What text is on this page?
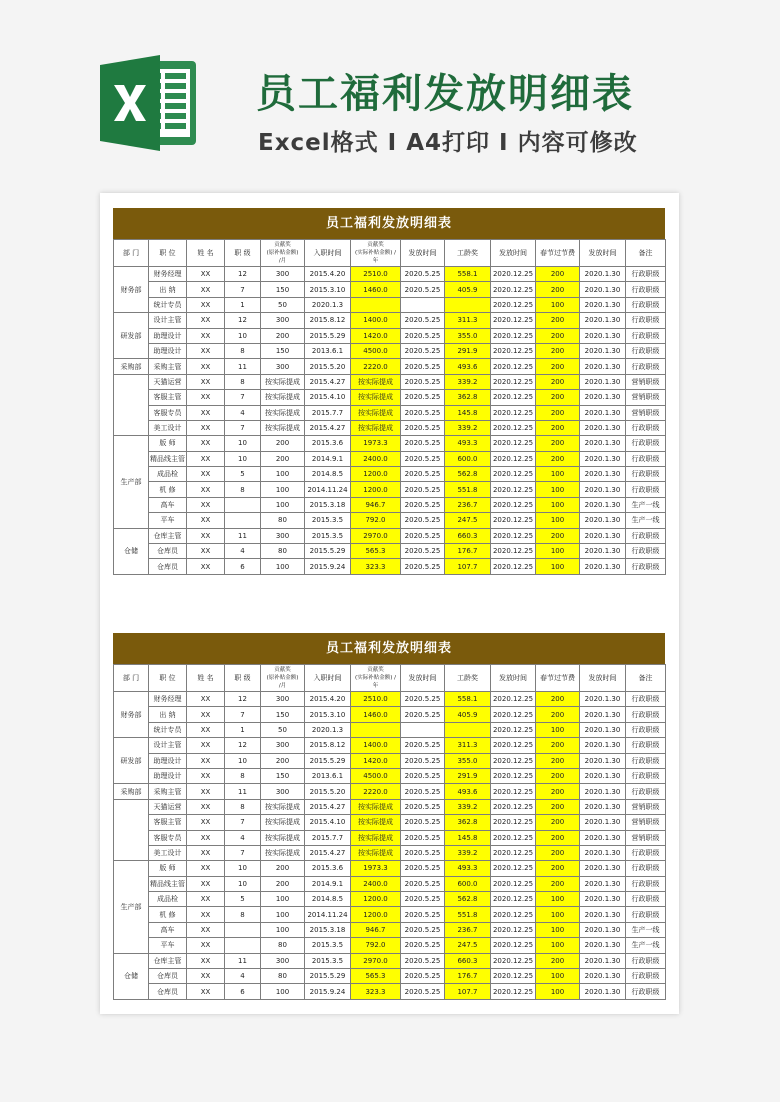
员工福利发放明细表
Excel格式 I A4打印 I 内容可修改
员工福利发放明细表
部 门	职 位	姓 名	职 级	贡献奖
(原补贴金额)
/月	入职时间	贡献奖
(实际补贴金额) /
年	发放时间	工龄奖	发放时间	春节过节费	发放时间	备注
财务部	财务经理	XX	12	300	2015.4.20	2510.0	2020.5.25	558.1	2020.12.25	200	2020.1.30	行政职级
	出 纳	XX	7	150	2015.3.10	1460.0	2020.5.25	405.9	2020.12.25	200	2020.1.30	行政职级
	统计专员	XX	1	50	2020.1.3				2020.12.25	100	2020.1.30	行政职级
研发部	设计主管	XX	12	300	2015.8.12	1400.0	2020.5.25	311.3	2020.12.25	200	2020.1.30	行政职级
	助理设计	XX	10	200	2015.5.29	1420.0	2020.5.25	355.0	2020.12.25	200	2020.1.30	行政职级
	助理设计	XX	8	150	2013.6.1	4500.0	2020.5.25	291.9	2020.12.25	200	2020.1.30	行政职级
采购部	采购主管	XX	11	300	2015.5.20	2220.0	2020.5.25	493.6	2020.12.25	200	2020.1.30	行政职级
	天猫运营	XX	8	按实际提成	2015.4.27	按实际提成	2020.5.25	339.2	2020.12.25	200	2020.1.30	营销职级
	客服主管	XX	7	按实际提成	2015.4.10	按实际提成	2020.5.25	362.8	2020.12.25	200	2020.1.30	营销职级
	客服专员	XX	4	按实际提成	2015.7.7	按实际提成	2020.5.25	145.8	2020.12.25	200	2020.1.30	营销职级
	美工设计	XX	7	按实际提成	2015.4.27	按实际提成	2020.5.25	339.2	2020.12.25	200	2020.1.30	行政职级
生产部	版 师	XX	10	200	2015.3.6	1973.3	2020.5.25	493.3	2020.12.25	200	2020.1.30	行政职级
	精品线主管	XX	10	200	2014.9.1	2400.0	2020.5.25	600.0	2020.12.25	200	2020.1.30	行政职级
	成品检	XX	5	100	2014.8.5	1200.0	2020.5.25	562.8	2020.12.25	100	2020.1.30	行政职级
	机 修	XX	8	100	2014.11.24	1200.0	2020.5.25	551.8	2020.12.25	100	2020.1.30	行政职级
	高车	XX		100	2015.3.18	946.7	2020.5.25	236.7	2020.12.25	100	2020.1.30	生产一线
	平车	XX		80	2015.3.5	792.0	2020.5.25	247.5	2020.12.25	100	2020.1.30	生产一线
仓储	仓库主管	XX	11	300	2015.3.5	2970.0	2020.5.25	660.3	2020.12.25	200	2020.1.30	行政职级
	仓库员	XX	4	80	2015.5.29	565.3	2020.5.25	176.7	2020.12.25	100	2020.1.30	行政职级
	仓库员	XX	6	100	2015.9.24	323.3	2020.5.25	107.7	2020.12.25	100	2020.1.30	行政职级
员工福利发放明细表
部 门	职 位	姓 名	职 级	贡献奖
(原补贴金额)
/月	入职时间	贡献奖
(实际补贴金额) /
年	发放时间	工龄奖	发放时间	春节过节费	发放时间	备注
财务部	财务经理	XX	12	300	2015.4.20	2510.0	2020.5.25	558.1	2020.12.25	200	2020.1.30	行政职级
	出 纳	XX	7	150	2015.3.10	1460.0	2020.5.25	405.9	2020.12.25	200	2020.1.30	行政职级
	统计专员	XX	1	50	2020.1.3				2020.12.25	100	2020.1.30	行政职级
研发部	设计主管	XX	12	300	2015.8.12	1400.0	2020.5.25	311.3	2020.12.25	200	2020.1.30	行政职级
	助理设计	XX	10	200	2015.5.29	1420.0	2020.5.25	355.0	2020.12.25	200	2020.1.30	行政职级
	助理设计	XX	8	150	2013.6.1	4500.0	2020.5.25	291.9	2020.12.25	200	2020.1.30	行政职级
采购部	采购主管	XX	11	300	2015.5.20	2220.0	2020.5.25	493.6	2020.12.25	200	2020.1.30	行政职级
	天猫运营	XX	8	按实际提成	2015.4.27	按实际提成	2020.5.25	339.2	2020.12.25	200	2020.1.30	营销职级
	客服主管	XX	7	按实际提成	2015.4.10	按实际提成	2020.5.25	362.8	2020.12.25	200	2020.1.30	营销职级
	客服专员	XX	4	按实际提成	2015.7.7	按实际提成	2020.5.25	145.8	2020.12.25	200	2020.1.30	营销职级
	美工设计	XX	7	按实际提成	2015.4.27	按实际提成	2020.5.25	339.2	2020.12.25	200	2020.1.30	行政职级
生产部	版 师	XX	10	200	2015.3.6	1973.3	2020.5.25	493.3	2020.12.25	200	2020.1.30	行政职级
	精品线主管	XX	10	200	2014.9.1	2400.0	2020.5.25	600.0	2020.12.25	200	2020.1.30	行政职级
	成品检	XX	5	100	2014.8.5	1200.0	2020.5.25	562.8	2020.12.25	100	2020.1.30	行政职级
	机 修	XX	8	100	2014.11.24	1200.0	2020.5.25	551.8	2020.12.25	100	2020.1.30	行政职级
	高车	XX		100	2015.3.18	946.7	2020.5.25	236.7	2020.12.25	100	2020.1.30	生产一线
	平车	XX		80	2015.3.5	792.0	2020.5.25	247.5	2020.12.25	100	2020.1.30	生产一线
仓储	仓库主管	XX	11	300	2015.3.5	2970.0	2020.5.25	660.3	2020.12.25	200	2020.1.30	行政职级
	仓库员	XX	4	80	2015.5.29	565.3	2020.5.25	176.7	2020.12.25	100	2020.1.30	行政职级
	仓库员	XX	6	100	2015.9.24	323.3	2020.5.25	107.7	2020.12.25	100	2020.1.30	行政职级
